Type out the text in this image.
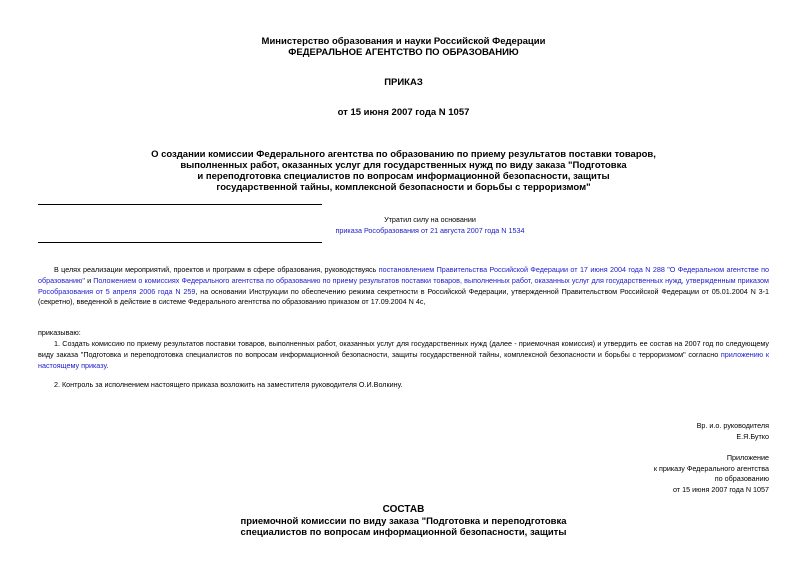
Министерство образования и науки Российской Федерации
ФЕДЕРАЛЬНОЕ АГЕНТСТВО ПО ОБРАЗОВАНИЮ
ПРИКАЗ
от 15 июня 2007 года N 1057
О создании комиссии Федерального агентства по образованию по приему результатов поставки товаров,
выполненных работ, оказанных услуг для государственных нужд по виду заказа "Подготовка
и переподготовка специалистов по вопросам информационной безопасности, защиты
государственной тайны, комплексной безопасности и борьбы с терроризмом"
Утратил силу на основании
приказа Рособразования от 21 августа 2007 года N 1534
В целях реализации мероприятий, проектов и программ в сфере образования, руководствуясь постановлением Правительства Российской Федерации от 17 июня 2004 года N 288 "О Федеральном агентстве по образованию" и Положением о комиссиях Федерального агентства по образованию по приему результатов поставки товаров, выполненных работ, оказанных услуг для государственных нужд, утвержденным приказом Рособразования от 5 апреля 2006 года N 259, на основании Инструкции по обеспечению режима секретности в Российской Федерации, утвержденной Правительством Российской Федерации от 05.01.2004 N 3-1 (секретно), введенной в действие в системе Федерального агентства по образованию приказом от 17.09.2004 N 4с,
приказываю:
1. Создать комиссию по приему результатов поставки товаров, выполненных работ, оказанных услуг для государственных нужд (далее - приемочная комиссия) и утвердить ее состав на 2007 год по следующему виду заказа "Подготовка и переподготовка специалистов по вопросам информационной безопасности, защиты государственной тайны, комплексной безопасности и борьбы с терроризмом" согласно приложению к настоящему приказу.
2. Контроль за исполнением настоящего приказа возложить на заместителя руководителя О.И.Волкину.
Вр. и.о. руководителя
Е.Я.Бутко
Приложение
к приказу Федерального агентства
по образованию
от 15 июня 2007 года N 1057
СОСТАВ
приемочной комиссии по виду заказа "Подготовка и переподготовка
специалистов по вопросам информационной безопасности, защиты
